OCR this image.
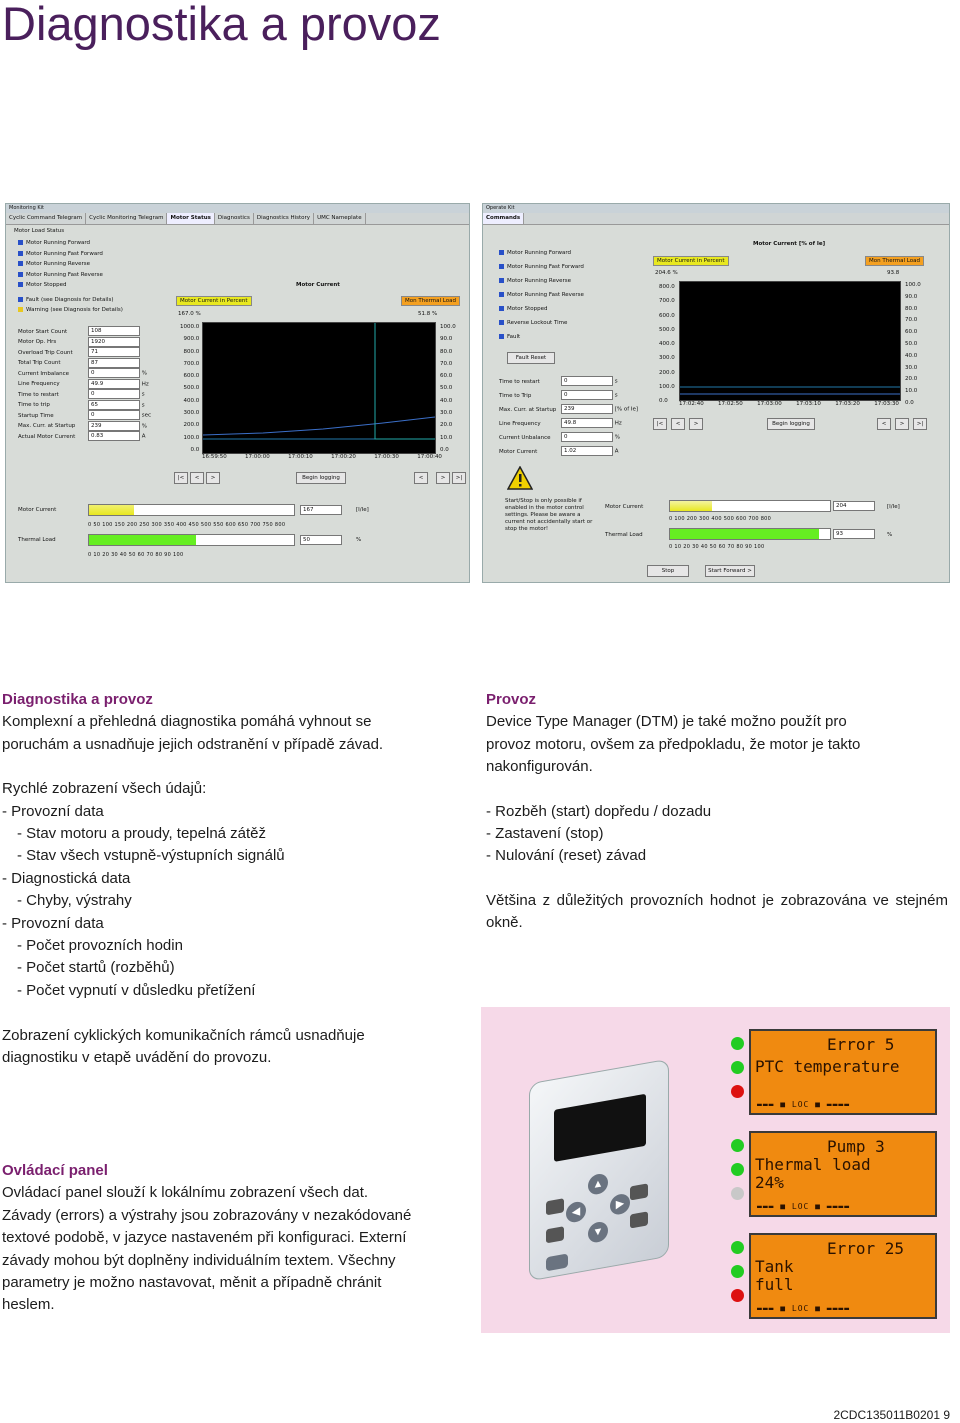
Diagnostika a provoz
Monitoring Kit
Cyclic Command Telegram	Cyclic Monitoring Telegram	Motor Status	Diagnostics	Diagnostics History	UMC Nameplate
Motor Load Status
Motor Running Forward
Motor Running Fast Forward
Motor Running Reverse
Motor Running Fast Reverse
Motor Stopped
Fault (see Diagnosis for Details)
Warning (see Diagnosis for Details)
Motor Start Count	108
Motor Op. Hrs	1920
Overload Trip Count	71
Total Trip Count	87
Current Imbalance	0	%
Line Frequency	49.9	Hz
Time to restart	0	s
Time to trip	65	s
Startup Time	0	sec
Max. Curr. at Startup	239	%
Actual Motor Current	0.83	A
Motor Current
Motor Current in Percent	Mon Thermal Load
167.0 %	51.8 %
1000.0
900.0
800.0
700.0
600.0
500.0
400.0
300.0
200.0
100.0
0.0
100.0
90.0
80.0
70.0
60.0
50.0
40.0
30.0
20.0
10.0
0.0
16:59:50	17:00:00	17:00:10	17:00:20	17:00:30	17:00:40
|<	<	>	Begin logging	<	>	>|
Motor Current	167	[I/Ie]
0 50 100 150 200 250 300 350 400 450 500 550 600 650 700 750 800
Thermal Load	50	%
0 10 20 30 40 50 60 70 80 90 100
Operate Kit
Commands
Motor Running Forward
Motor Running Fast Forward
Motor Running Reverse
Motor Running Fast Reverse
Motor Stopped
Reverse Lockout Time
Fault
Fault Reset
Time to restart	0	s
Time to Trip	0	s
Max. Curr. at Startup 239	[% of Ie]
Line Frequency	49.8	Hz
Current Unbalance 0	%
Motor Current	1.02	A
Motor Current [% of Ie]
Motor Current in Percent	Mon Thermal Load
204.6 %	93.8
800.0
700.0
600.0
500.0
400.0
300.0
200.0
100.0
0.0
100.0
90.0
80.0
70.0
60.0
50.0
40.0
30.0
20.0
10.0
0.0
17:02:40	17:02:50	17:03:00	17:03:10	17:03:20	17:03:30
|<	<	>	Begin logging	<	>	>|
Start/Stop is only possible if enabled in the motor control settings. Please be aware a current not accidentally start or stop the motor!
Motor Current	204	[I/Ie]
0 100 200 300 400 500 600 700 800
Thermal Load	93	%
0 10 20 30 40 50 60 70 80 90 100
Stop	Start Forward >

Diagnostika a provoz

Komplexní a přehledná diagnostika pomáhá vyhnout se

poruchám a usnadňuje jejich odstranění v případě závad.

Rychlé zobrazení všech údajů:

- Provozní data

- Stav motoru a proudy, tepelná zátěž

- Stav všech vstupně-výstupních signálů

- Diagnostická data

- Chyby, výstrahy

- Provozní data

- Počet provozních hodin

- Počet startů (rozběhů)

- Počet vypnutí v důsledku přetížení

Zobrazení cyklických komunikačních rámců usnadňuje

diagnostiku v etapě uvádění do provozu.

Ovládací panel

Ovládací panel slouží k lokálnímu zobrazení všech dat.

Závady (errors) a výstrahy jsou zobrazovány v nezakódované

textové podobě, v jazyce nastaveném při konfiguraci. Externí

závady mohou být doplněny individuálním textem. Všechny

parametry je možno nastavovat, měnit a případně chránit

heslem.

Provoz

Device Type Manager (DTM) je také možno použít pro

provoz motoru, ovšem za předpokladu, že motor je takto

nakonfigurován.

- Rozběh (start) dopředu / dozadu

- Zastavení (stop)

- Nulování (reset) závad

Většina z důležitých provozních hodnot je zobrazována ve stejném okně.

▲
▼
◀
▶
Error 5
PTC temperature
▬▬▬ ■ LOC ■ ▬▬▬▬
Pump 3
Thermal load
24%
▬▬▬ ■ LOC ■ ▬▬▬▬
Error 25
Tank
full
▬▬▬ ■ LOC ■ ▬▬▬▬
2CDC135011B0201 9
